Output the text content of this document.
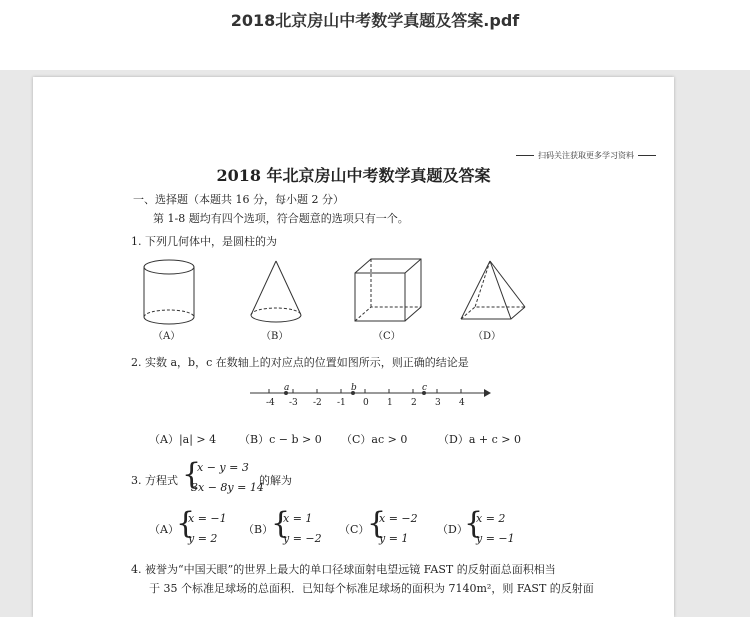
2018北京房山中考数学真题及答案.pdf
扫码关注获取更多学习资料
2018 年北京房山中考数学真题及答案
一、选择题（本题共 16 分，每小题 2 分）
第 1-8 题均有四个选项，符合题意的选项只有一个。
1. 下列几何体中，是圆柱的为
（A）	（B）	（C）	（D）
2. 实数 a，b，c 在数轴上的对应点的位置如图所示，则正确的结论是
a	b	c
-4 -3 -2 -1 0 1 2 3 4
（A）|a| > 4 （B）c − b > 0 （C）ac > 0	（D）a + c > 0
3. 方程式 {
x − y = 3
3x − 8y = 14
的解为
（A）
{
x = −1
y = 2
（B）
{
x = 1
y = −2
（C）
{
x = −2
y = 1
（D）
{
x = 2
y = −1
4. 被誉为“中国天眼”的世界上最大的单口径球面射电望远镜 FAST 的反射面总面积相当
于 35 个标准足球场的总面积．已知每个标准足球场的面积为 7140m²，则 FAST 的反射面
